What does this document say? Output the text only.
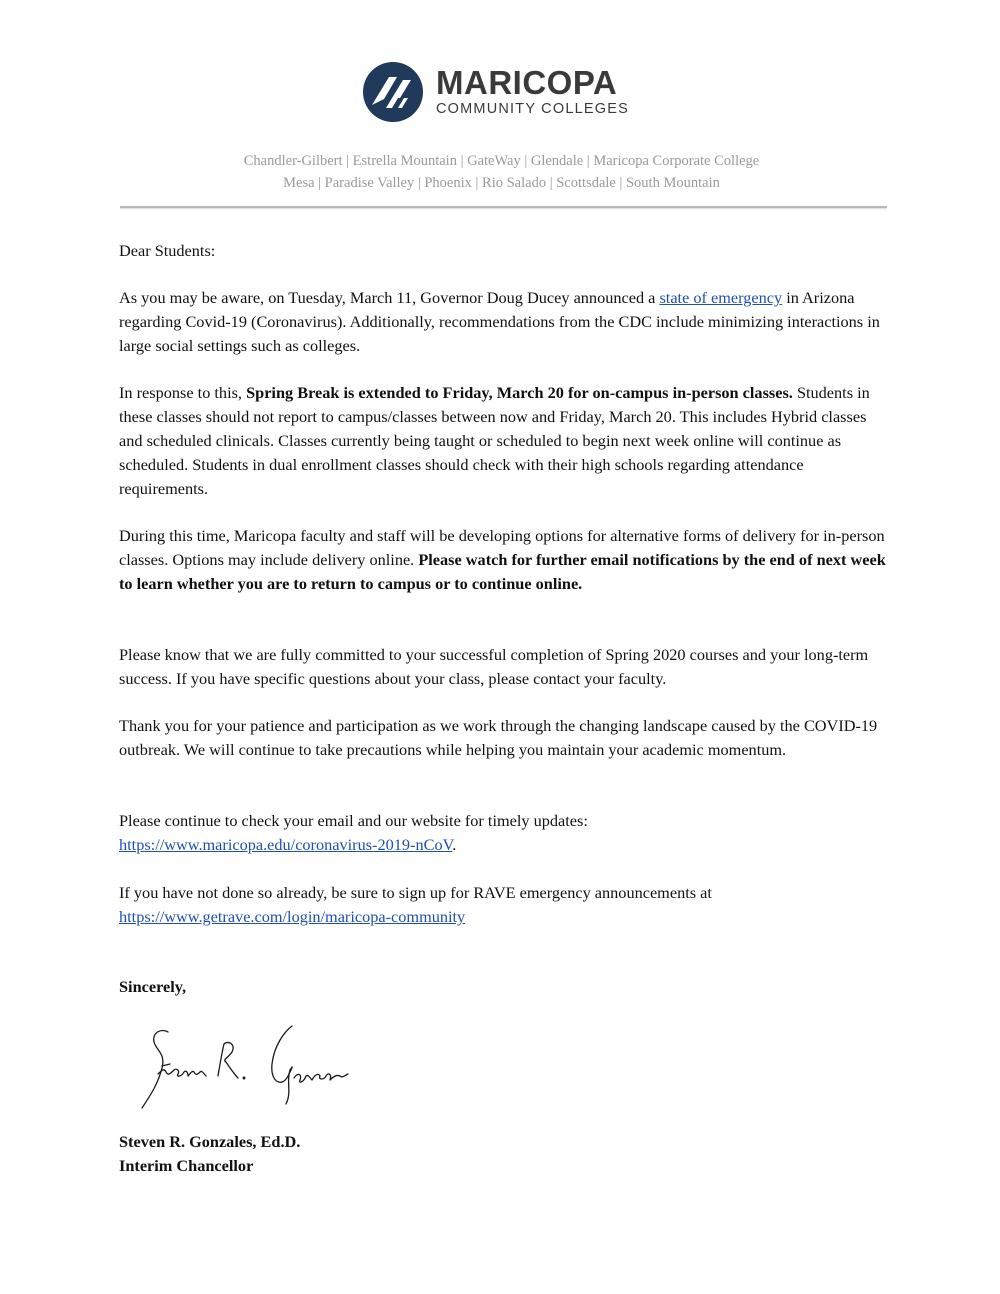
MARICOPA
COMMUNITY COLLEGES
Chandler-Gilbert | Estrella Mountain | GateWay | Glendale | Maricopa Corporate College
Mesa | Paradise Valley | Phoenix | Rio Salado | Scottsdale | South Mountain

Dear Students:

As you may be aware, on Tuesday, March 11, Governor Doug Ducey announced a state of emergency in Arizona regarding Covid-19 (Coronavirus). Additionally, recommendations from the CDC include minimizing interactions in large social settings such as colleges.

In response to this, Spring Break is extended to Friday, March 20 for on-campus in-person classes. Students in these classes should not report to campus/classes between now and Friday, March 20. This includes Hybrid classes and scheduled clinicals. Classes currently being taught or scheduled to begin next week online will continue as scheduled. Students in dual enrollment classes should check with their high schools regarding attendance requirements.

During this time, Maricopa faculty and staff will be developing options for alternative forms of delivery for in-person classes. Options may include delivery online. Please watch for further email notifications by the end of next week to learn whether you are to return to campus or to continue online.

Please know that we are fully committed to your successful completion of Spring 2020 courses and your long-term success. If you have specific questions about your class, please contact your faculty.

Thank you for your patience and participation as we work through the changing landscape caused by the COVID-19 outbreak. We will continue to take precautions while helping you maintain your academic momentum.

Please continue to check your email and our website for timely updates:
https://www.maricopa.edu/coronavirus-2019-nCoV.

If you have not done so already, be sure to sign up for RAVE emergency announcements at
https://www.getrave.com/login/maricopa-community

Sincerely,

Steven R. Gonzales, Ed.D.

Interim Chancellor
